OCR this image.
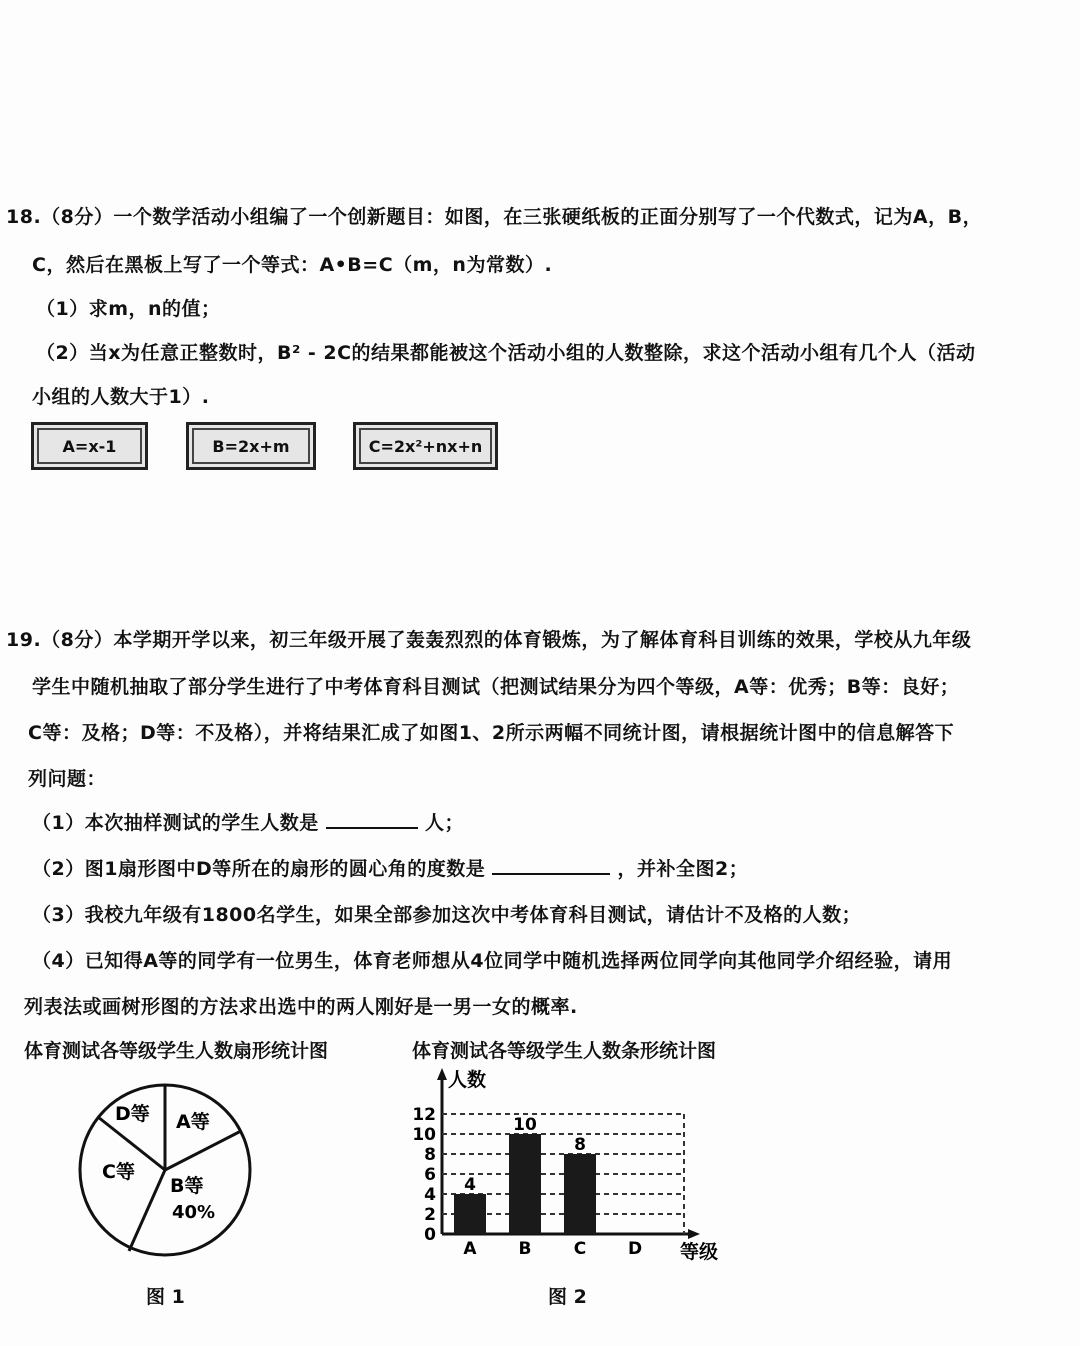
18.（8分）一个数学活动小组编了一个创新题目：如图，在三张硬纸板的正面分别写了一个代数式，记为A，B，
C，然后在黑板上写了一个等式：A•B=C（m，n为常数）.
（1）求m，n的值；
（2）当x为任意正整数时，B² - 2C的结果都能被这个活动小组的人数整除，求这个活动小组有几个人（活动
小组的人数大于1）.
A=x-1	B=2x+m	C=2x²+nx+n
19.（8分）本学期开学以来，初三年级开展了轰轰烈烈的体育锻炼，为了解体育科目训练的效果，学校从九年级
学生中随机抽取了部分学生进行了中考体育科目测试（把测试结果分为四个等级，A等：优秀；B等：良好；
C等：及格；D等：不及格），并将结果汇成了如图1、2所示两幅不同统计图，请根据统计图中的信息解答下
列问题：
（1）本次抽样测试的学生人数是	人；
（2）图1扇形图中D等所在的扇形的圆心角的度数是	，并补全图2；
（3）我校九年级有1800名学生，如果全部参加这次中考体育科目测试，请估计不及格的人数；
（4）已知得A等的同学有一位男生，体育老师想从4位同学中随机选择两位同学向其他同学介绍经验，请用
列表法或画树形图的方法求出选中的两人刚好是一男一女的概率.
体育测试各等级学生人数扇形统计图	体育测试各等级学生人数条形统计图
D等 A等
C等
B等
40%
图 1
人数
等级
0
2
4
6
8
10
12
A B C D
4
10
8
图 2
